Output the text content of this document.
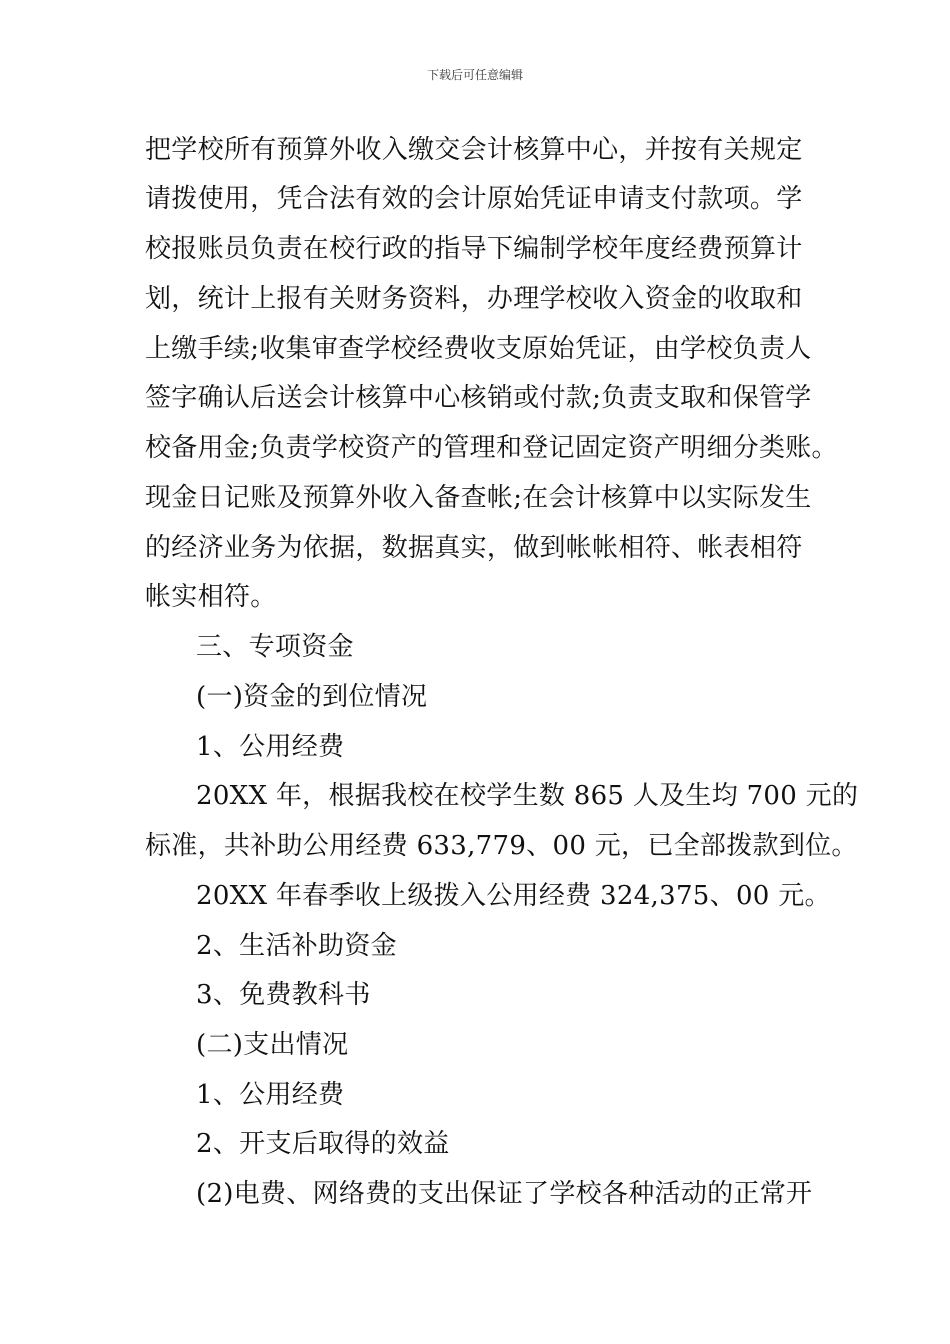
下载后可任意编辑
把学校所有预算外收入缴交会计核算中心，并按有关规定
请拨使用，凭合法有效的会计原始凭证申请支付款项。学
校报账员负责在校行政的指导下编制学校年度经费预算计
划，统计上报有关财务资料，办理学校收入资金的收取和
上缴手续;收集审查学校经费收支原始凭证，由学校负责人
签字确认后送会计核算中心核销或付款;负责支取和保管学
校备用金;负责学校资产的管理和登记固定资产明细分类账。
现金日记账及预算外收入备查帐;在会计核算中以实际发生
的经济业务为依据，数据真实，做到帐帐相符、帐表相符
帐实相符。
三、专项资金
(一)资金的到位情况
1、公用经费
20XX 年，根据我校在校学生数 865 人及生均 700 元的
标准，共补助公用经费 633,779、00 元，已全部拨款到位。
20XX 年春季收上级拨入公用经费 324,375、00 元。
2、生活补助资金
3、免费教科书
(二)支出情况
1、公用经费
2、开支后取得的效益
(2)电费、网络费的支出保证了学校各种活动的正常开
